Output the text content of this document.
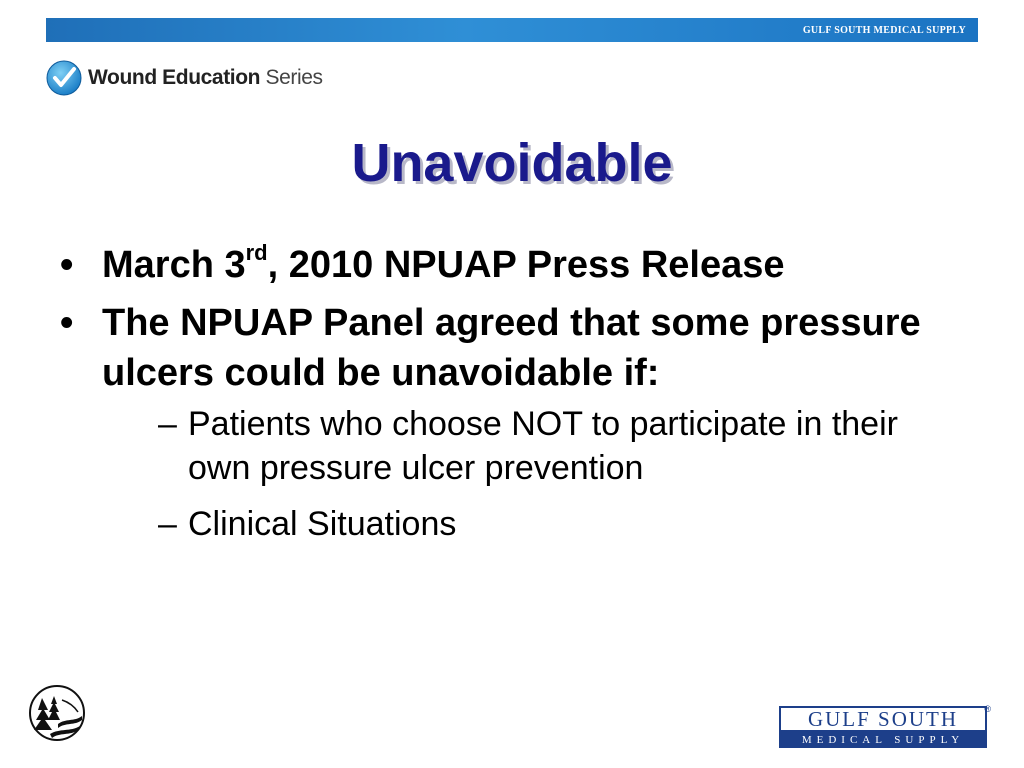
GULF SOUTH MEDICAL SUPPLY
Wound Education Series
Unavoidable
• March 3rd, 2010 NPUAP Press Release
• The NPUAP Panel agreed that some pressure ulcers could be unavoidable if:
– Patients who choose NOT to participate in their own pressure ulcer prevention
– Clinical Situations
GULF SOUTH
MEDICAL SUPPLY
®
